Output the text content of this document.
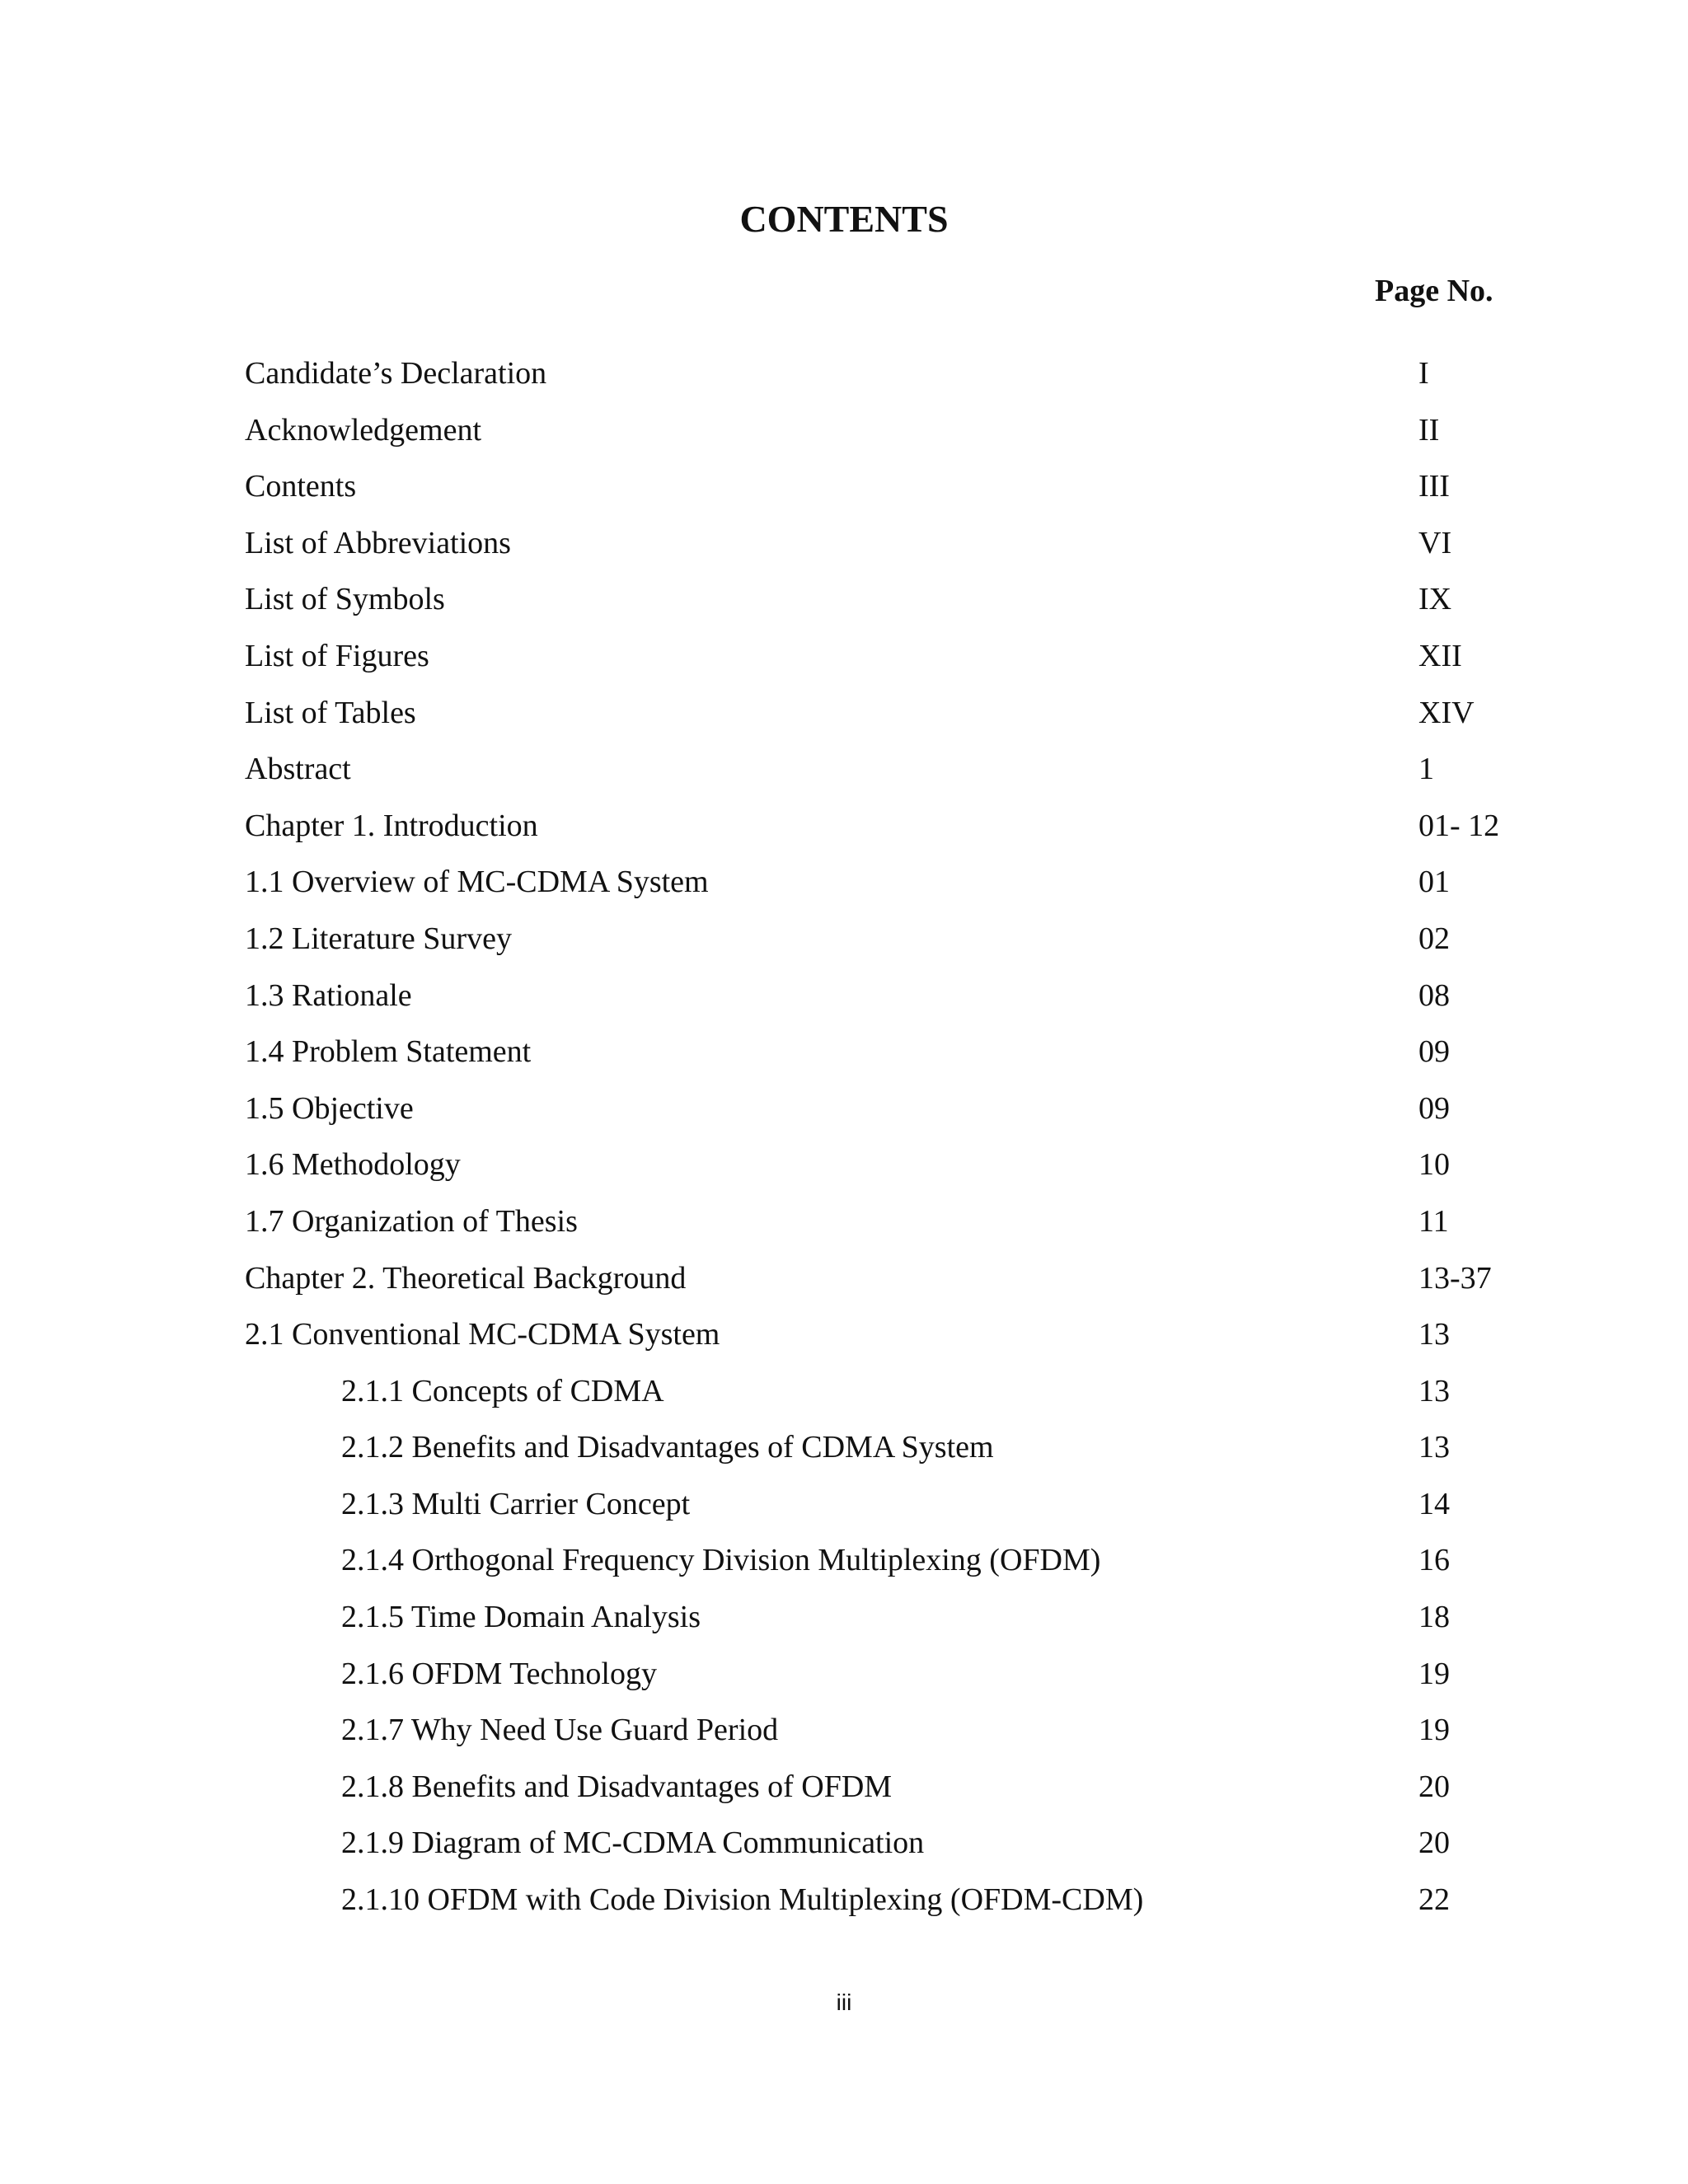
CONTENTS
Page No.
Candidate’s Declaration	I
Acknowledgement	II
Contents	III
List of Abbreviations	VI
List of Symbols	IX
List of Figures	XII
List of Tables	XIV
Abstract	1
Chapter 1. Introduction	01- 12
1.1 Overview of MC-CDMA System	01
1.2 Literature Survey	02
1.3 Rationale	08
1.4 Problem Statement	09
1.5 Objective	09
1.6 Methodology	10
1.7 Organization of Thesis	11
Chapter 2. Theoretical Background	13-37
2.1 Conventional MC-CDMA System	13
2.1.1 Concepts of CDMA	13
2.1.2 Benefits and Disadvantages of CDMA System	13
2.1.3 Multi Carrier Concept	14
2.1.4 Orthogonal Frequency Division Multiplexing (OFDM)	16
2.1.5 Time Domain Analysis	18
2.1.6 OFDM Technology	19
2.1.7 Why Need Use Guard Period	19
2.1.8 Benefits and Disadvantages of OFDM	20
2.1.9 Diagram of MC-CDMA Communication	20
2.1.10 OFDM with Code Division Multiplexing (OFDM-CDM)	22
iii
